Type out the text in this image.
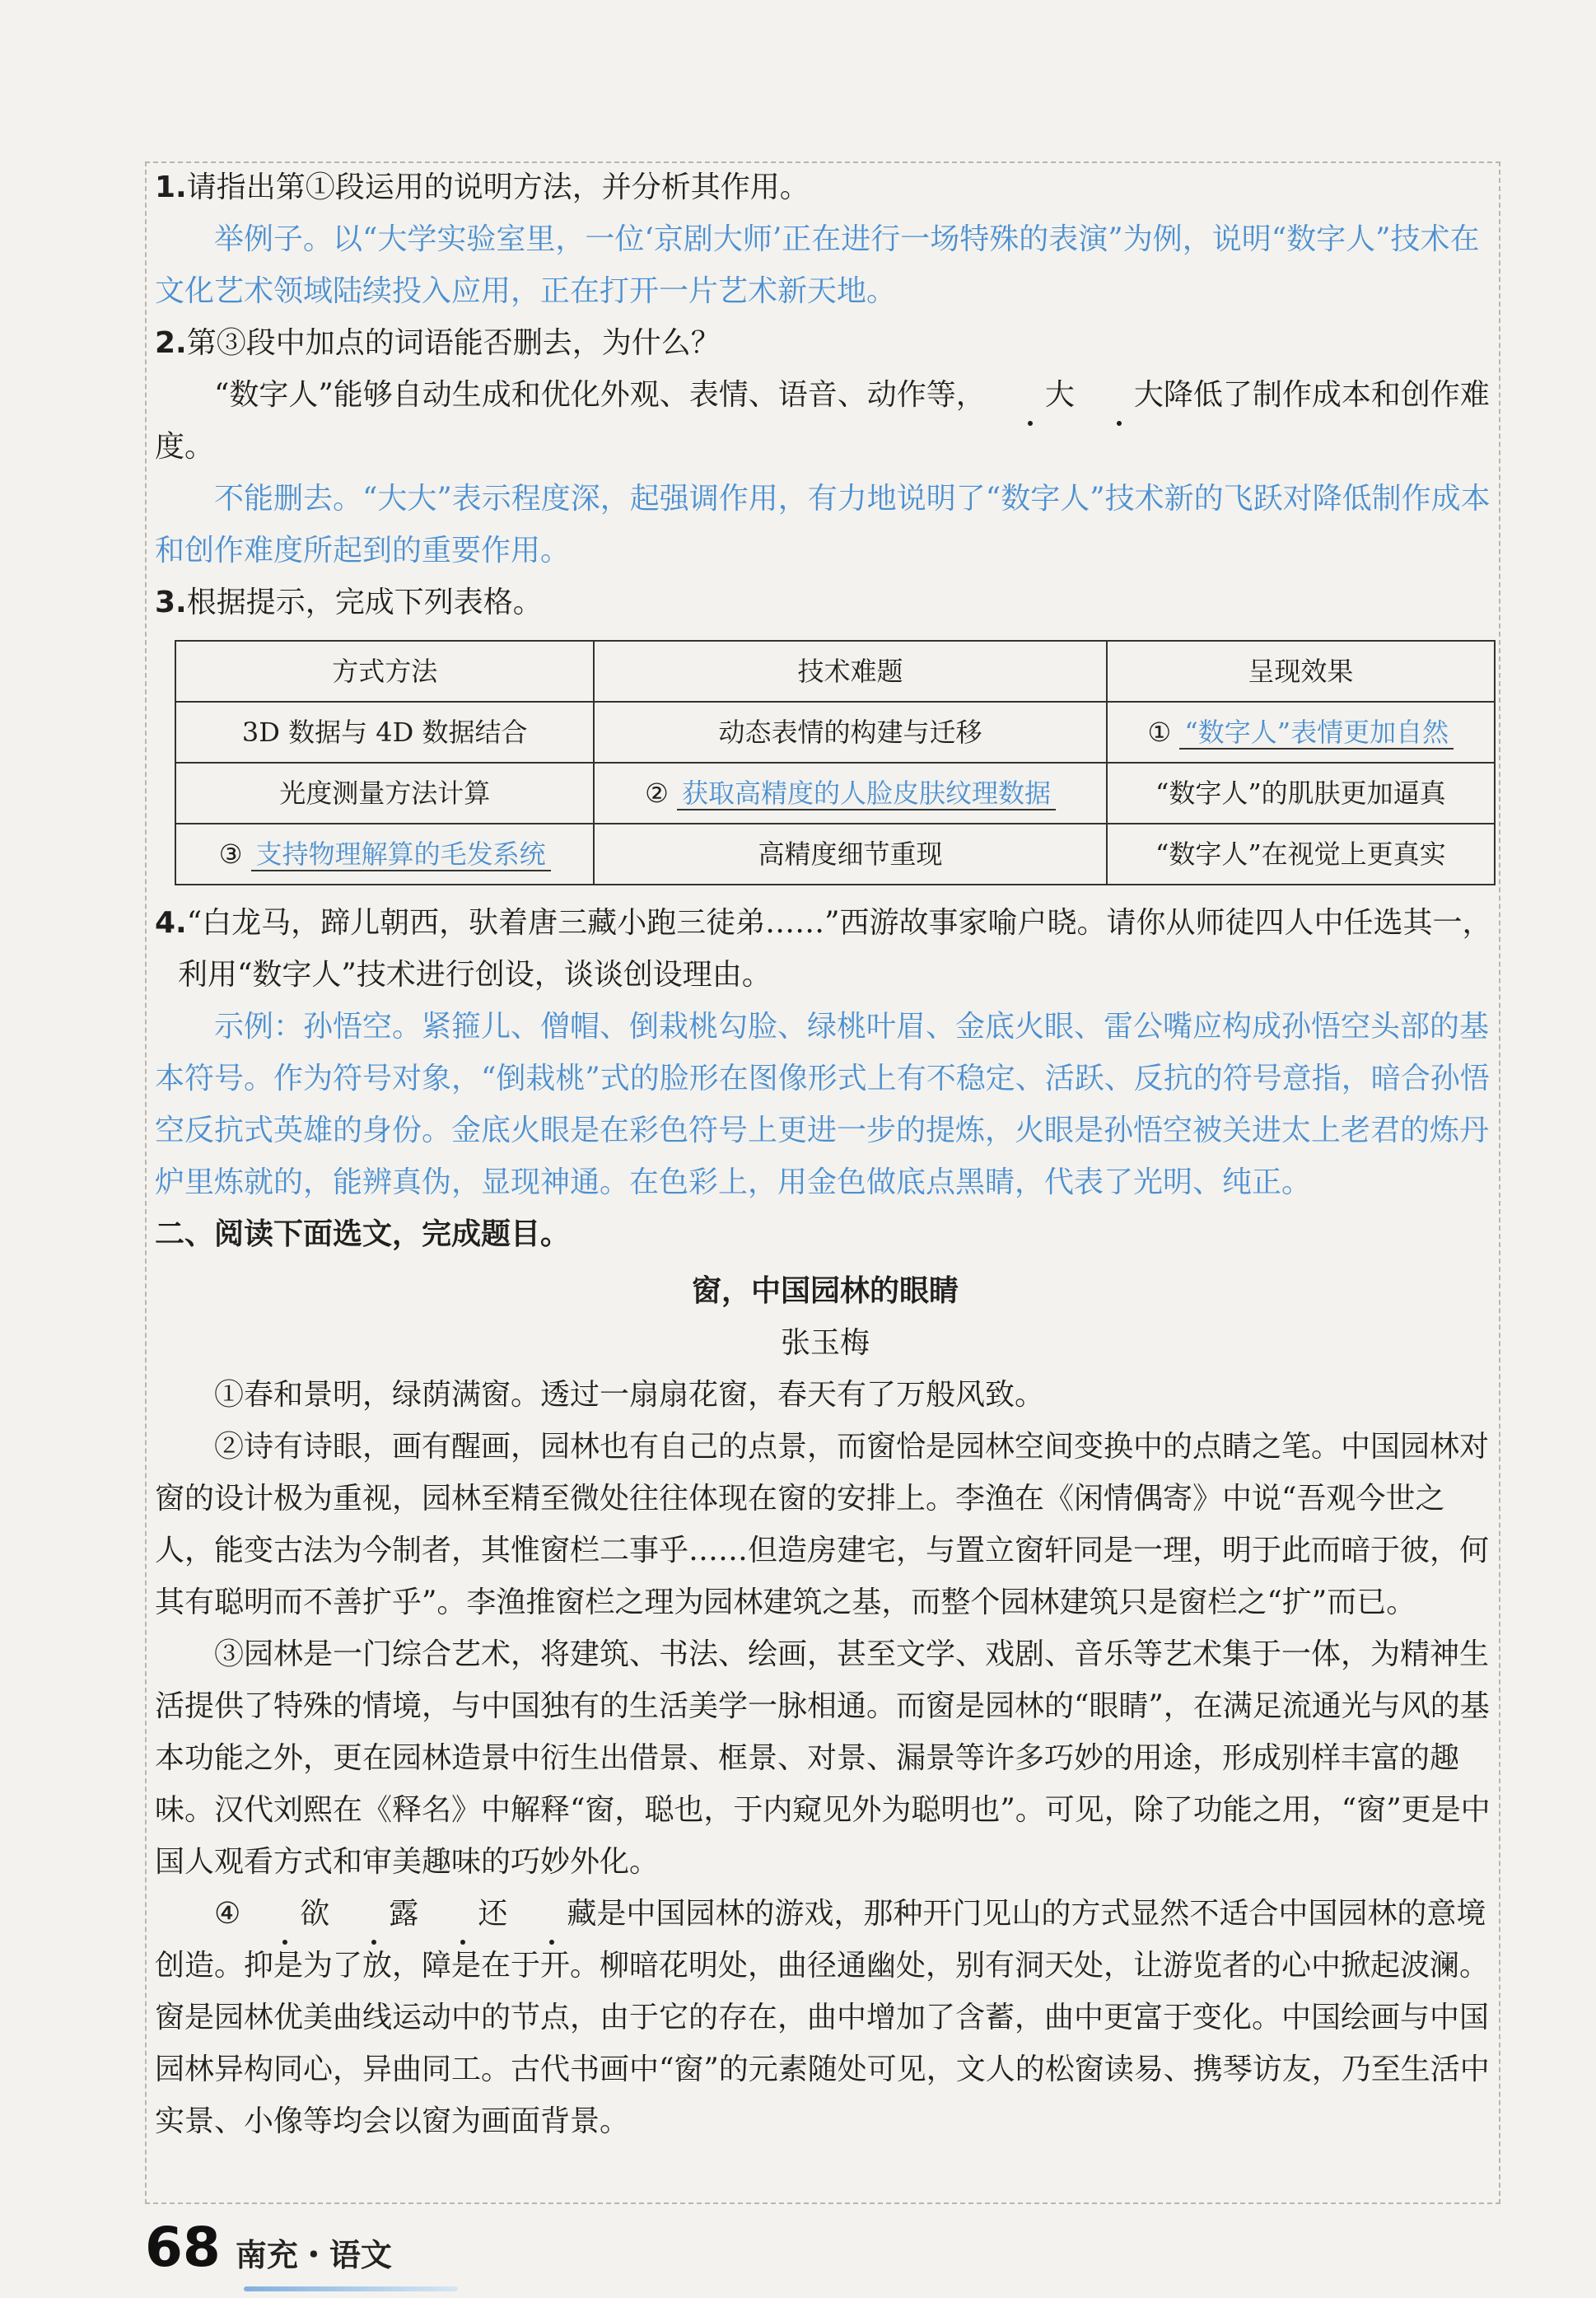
1.请指出第①段运用的说明方法，并分析其作用。
举例子。以“大学实验室里，一位‘京剧大师’正在进行一场特殊的表演”为例，说明“数字人”技术在文化艺术领域陆续投入应用，正在打开一片艺术新天地。
2.第③段中加点的词语能否删去，为什么？
“数字人”能够自动生成和优化外观、表情、语音、动作等， 大 大降低了制作成本和创作难度。
不能删去。“大大”表示程度深，起强调作用，有力地说明了“数字人”技术新的飞跃对降低制作成本和创作难度所起到的重要作用。
3.根据提示，完成下列表格。
方式方法	技术难题	呈现效果
3D 数据与 4D 数据结合	动态表情的构建与迁移	① “数字人”表情更加自然
光度测量方法计算	② 获取高精度的人脸皮肤纹理数据	“数字人”的肌肤更加逼真
③ 支持物理解算的毛发系统	高精度细节重现	“数字人”在视觉上更真实
4.“白龙马，蹄儿朝西，驮着唐三藏小跑三徒弟……”西游故事家喻户晓。请你从师徒四人中任选其一，利用“数字人”技术进行创设，谈谈创设理由。
示例：孙悟空。紧箍儿、僧帽、倒栽桃勾脸、绿桃叶眉、金底火眼、雷公嘴应构成孙悟空头部的基本符号。作为符号对象，“倒栽桃”式的脸形在图像形式上有不稳定、活跃、反抗的符号意指，暗合孙悟空反抗式英雄的身份。金底火眼是在彩色符号上更进一步的提炼，火眼是孙悟空被关进太上老君的炼丹炉里炼就的，能辨真伪，显现神通。在色彩上，用金色做底点黑睛，代表了光明、纯正。
二、阅读下面选文，完成题目。
窗，中国园林的眼睛
张玉梅
①春和景明，绿荫满窗。透过一扇扇花窗，春天有了万般风致。
②诗有诗眼，画有醒画，园林也有自己的点景，而窗恰是园林空间变换中的点睛之笔。中国园林对窗的设计极为重视，园林至精至微处往往体现在窗的安排上。李渔在《闲情偶寄》中说“吾观今世之人，能变古法为今制者，其惟窗栏二事乎……但造房建宅，与置立窗轩同是一理，明于此而暗于彼，何其有聪明而不善扩乎”。李渔推窗栏之理为园林建筑之基，而整个园林建筑只是窗栏之“扩”而已。
③园林是一门综合艺术，将建筑、书法、绘画，甚至文学、戏剧、音乐等艺术集于一体，为精神生活提供了特殊的情境，与中国独有的生活美学一脉相通。而窗是园林的“眼睛”，在满足流通光与风的基本功能之外，更在园林造景中衍生出借景、框景、对景、漏景等许多巧妙的用途，形成别样丰富的趣味。汉代刘熙在《释名》中解释“窗，聪也，于内窥见外为聪明也”。可见，除了功能之用，“窗”更是中国人观看方式和审美趣味的巧妙外化。
④ 欲 露 还 藏是中国园林的游戏，那种开门见山的方式显然不适合中国园林的意境创造。抑是为了放，障是在于开。柳暗花明处，曲径通幽处，别有洞天处，让游览者的心中掀起波澜。窗是园林优美曲线运动中的节点，由于它的存在，曲中增加了含蓄，曲中更富于变化。中国绘画与中国园林异构同心，异曲同工。古代书画中“窗”的元素随处可见，文人的松窗读易、携琴访友，乃至生活中实景、小像等均会以窗为画面背景。
68 南充・语文
